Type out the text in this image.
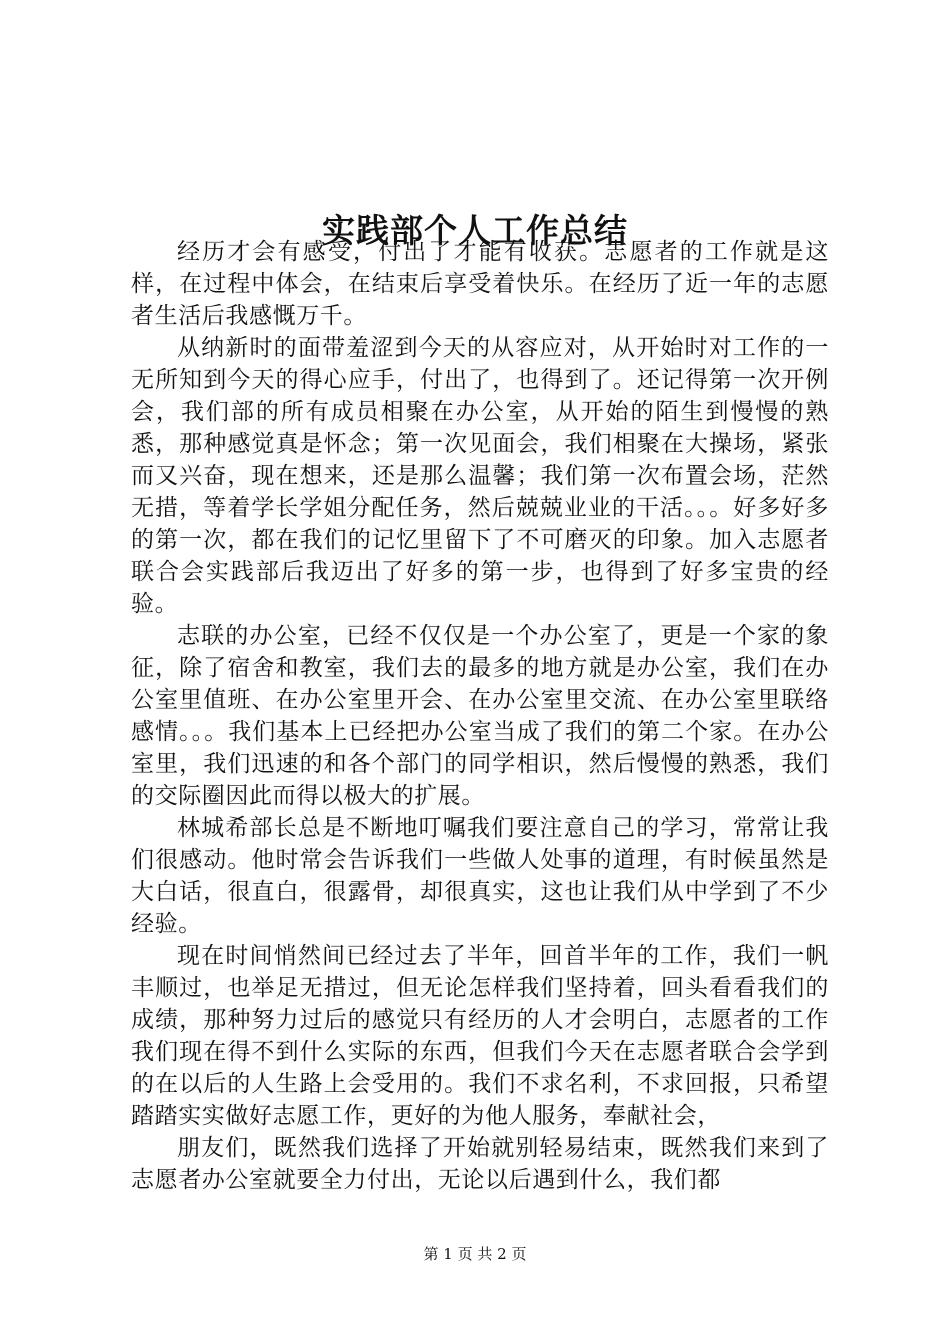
实践部个人工作总结

经历才会有感受，付出了才能有收获。志愿者的工作就是这样，在过程中体会，在结束后享受着快乐。在经历了近一年的志愿者生活后我感慨万千。

从纳新时的面带羞涩到今天的从容应对，从开始时对工作的一无所知到今天的得心应手，付出了，也得到了。还记得第一次开例会，我们部的所有成员相聚在办公室，从开始的陌生到慢慢的熟悉，那种感觉真是怀念；第一次见面会，我们相聚在大操场，紧张而又兴奋，现在想来，还是那么温馨；我们第一次布置会场，茫然无措，等着学长学姐分配任务，然后兢兢业业的干活。。。好多好多的第一次，都在我们的记忆里留下了不可磨灭的印象。加入志愿者联合会实践部后我迈出了好多的第一步，也得到了好多宝贵的经验。

志联的办公室，已经不仅仅是一个办公室了，更是一个家的象征，除了宿舍和教室，我们去的最多的地方就是办公室，我们在办公室里值班、在办公室里开会、在办公室里交流、在办公室里联络感情。。。我们基本上已经把办公室当成了我们的第二个家。在办公室里，我们迅速的和各个部门的同学相识，然后慢慢的熟悉，我们的交际圈因此而得以极大的扩展。

林城希部长总是不断地叮嘱我们要注意自己的学习，常常让我们很感动。他时常会告诉我们一些做人处事的道理，有时候虽然是大白话，很直白，很露骨，却很真实，这也让我们从中学到了不少经验。

现在时间悄然间已经过去了半年，回首半年的工作，我们一帆丰顺过，也举足无措过，但无论怎样我们坚持着，回头看看我们的成绩，那种努力过后的感觉只有经历的人才会明白，志愿者的工作我们现在得不到什么实际的东西，但我们今天在志愿者联合会学到的在以后的人生路上会受用的。我们不求名利，不求回报，只希望踏踏实实做好志愿工作，更好的为他人服务，奉献社会，

朋友们，既然我们选择了开始就别轻易结束，既然我们来到了志愿者办公室就要全力付出，无论以后遇到什么，我们都

第 1 页 共 2 页
